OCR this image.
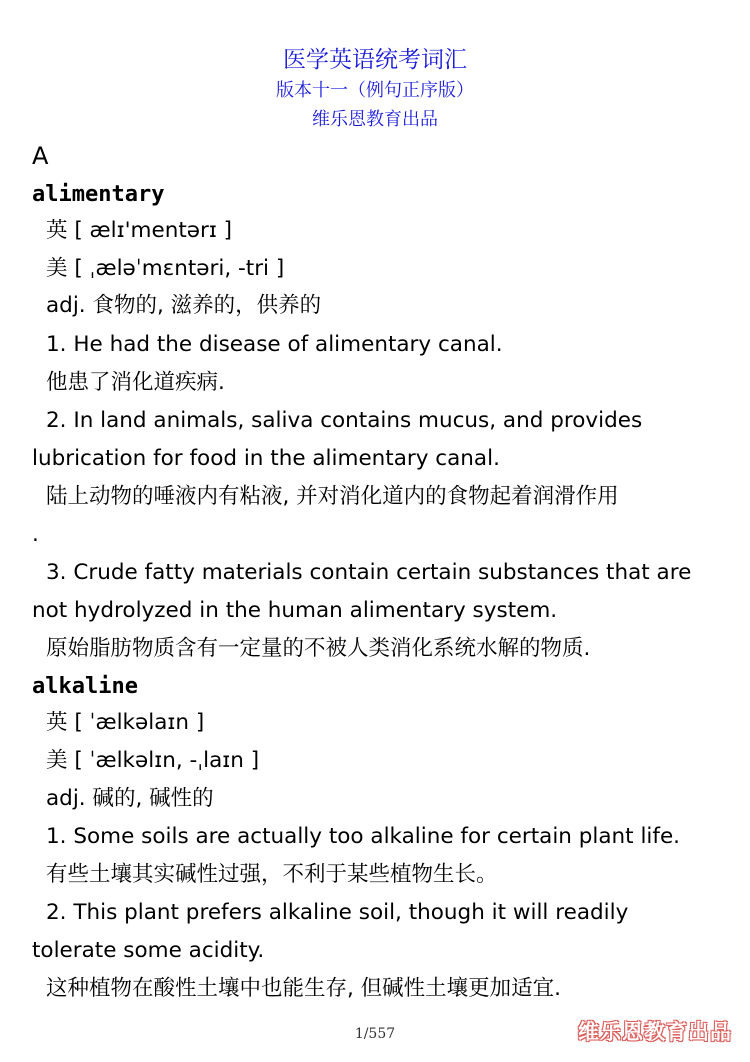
医学英语统考词汇
版本十一（例句正序版）
维乐恩教育出品
A
alimentary
英 [ ælɪ'mentərɪ ]
美 [ ˌæləˈmɛntəri, -tri ]
adj. 食物的, 滋养的，供养的
1. He had the disease of alimentary canal.
他患了消化道疾病.
2. In land animals, saliva contains mucus, and provides
lubrication for food in the alimentary canal.
陆上动物的唾液内有粘液, 并对消化道内的食物起着润滑作用
.
3. Crude fatty materials contain certain substances that are
not hydrolyzed in the human alimentary system.
原始脂肪物质含有一定量的不被人类消化系统水解的物质.
alkaline
英 [ ˈælkəlaɪn ]
美 [ ˈælkəlɪn, -ˌlaɪn ]
adj. 碱的, 碱性的
1. Some soils are actually too alkaline for certain plant life.
有些土壤其实碱性过强，不利于某些植物生长。
2. This plant prefers alkaline soil, though it will readily
tolerate some acidity.
这种植物在酸性土壤中也能生存, 但碱性土壤更加适宜.
1/557	维乐恩教育出品
